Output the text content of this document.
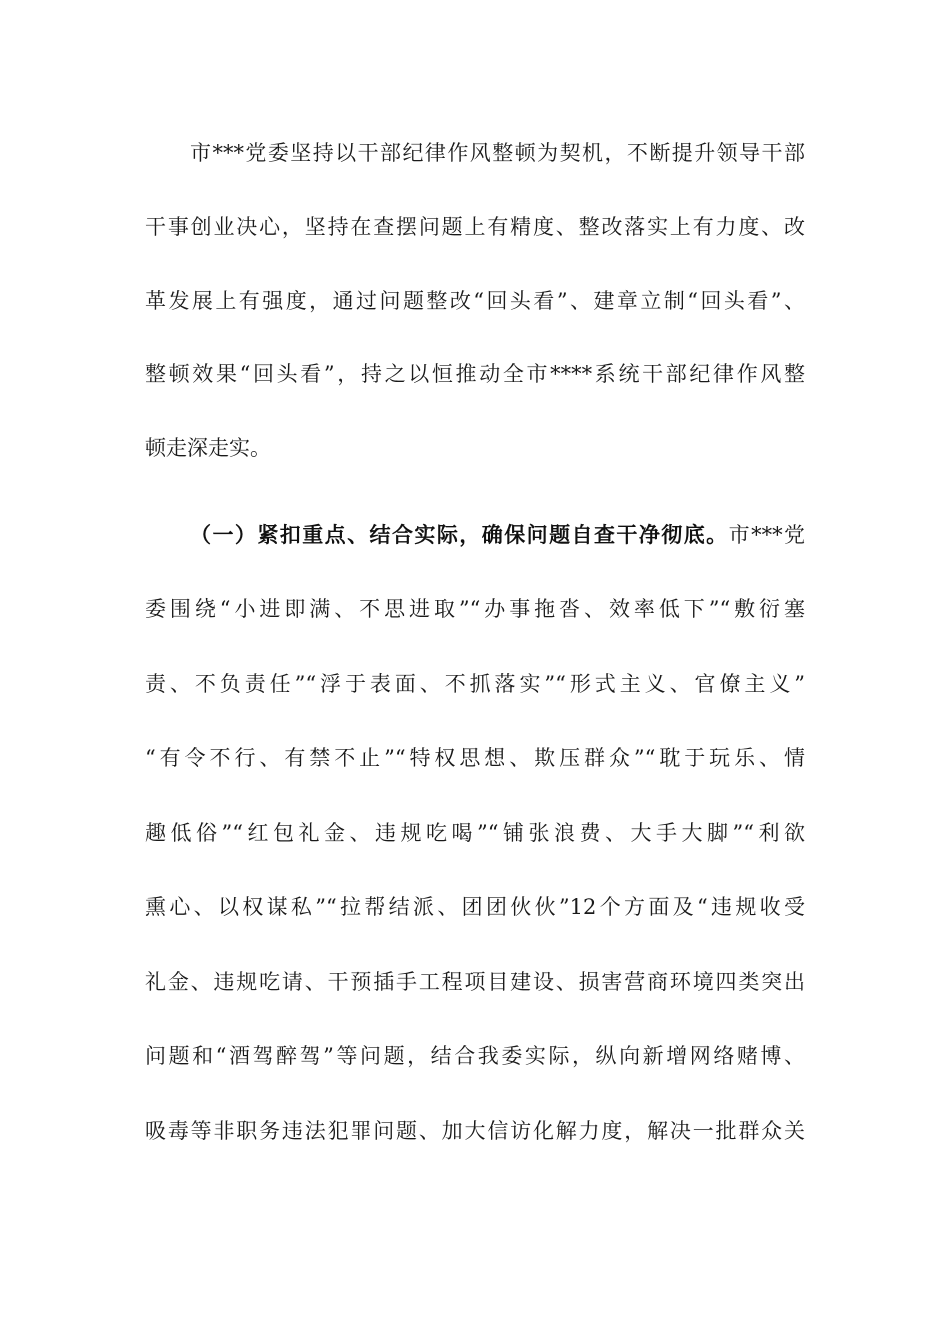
市***党委坚持以干部纪律作风整顿为契机，不断提升领导干部
干事创业决心，坚持在查摆问题上有精度、整改落实上有力度、改
革发展上有强度，通过问题整改“回头看”、建章立制“回头看”、
整顿效果“回头看”，持之以恒推动全市****系统干部纪律作风整
顿走深走实。
（一）紧扣重点、结合实际，确保问题自查干净彻底。市***党
委围绕“小进即满、不思进取”“办事拖沓、效率低下”“敷衍塞
责、不负责任”“浮于表面、不抓落实”“形式主义、官僚主义”
“有令不行、有禁不止”“特权思想、欺压群众”“耽于玩乐、情
趣低俗”“红包礼金、违规吃喝”“铺张浪费、大手大脚”“利欲
熏心、以权谋私”“拉帮结派、团团伙伙”12个方面及“违规收受
礼金、违规吃请、干预插手工程项目建设、损害营商环境四类突出
问题和“酒驾醉驾”等问题，结合我委实际，纵向新增网络赌博、
吸毒等非职务违法犯罪问题、加大信访化解力度，解决一批群众关
